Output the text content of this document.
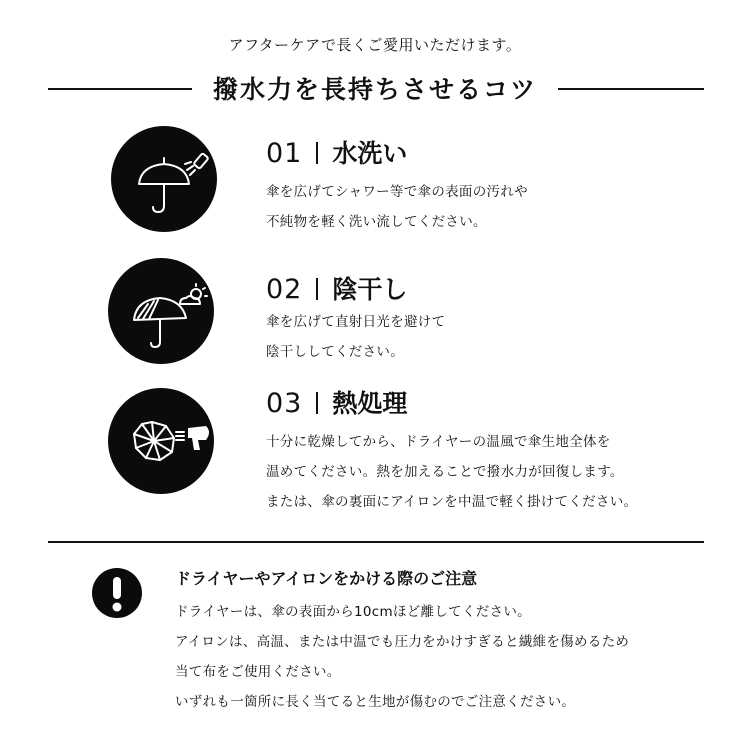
アフターケアで長くご愛用いただけます。
撥水力を長持ちさせるコツ
01 水洗い
傘を広げてシャワー等で傘の表面の汚れや
不純物を軽く洗い流してください。
02 陰干し
傘を広げて直射日光を避けて
陰干ししてください。
03 熱処理
十分に乾燥してから、ドライヤーの温風で傘生地全体を
温めてください。熱を加えることで撥水力が回復します。
または、傘の裏面にアイロンを中温で軽く掛けてください。
ドライヤーやアイロンをかける際のご注意
ドライヤーは、傘の表面から10cmほど離してください。
アイロンは、高温、または中温でも圧力をかけすぎると繊維を傷めるため
当て布をご使用ください。
いずれも一箇所に長く当てると生地が傷むのでご注意ください。
